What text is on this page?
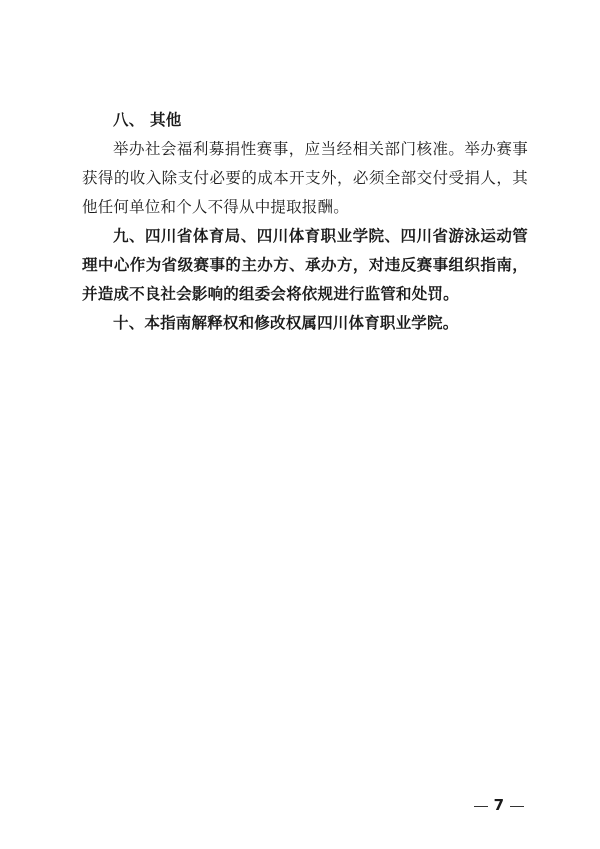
八、 其他
举办社会福利募捐性赛事，应当经相关部门核准。举办赛事
获得的收入除支付必要的成本开支外，必须全部交付受捐人，其
他任何单位和个人不得从中提取报酬。
九、四川省体育局、四川体育职业学院、四川省游泳运动管
理中心作为省级赛事的主办方、承办方，对违反赛事组织指南，
并造成不良社会影响的组委会将依规进行监管和处罚。
十、本指南解释权和修改权属四川体育职业学院。
7
